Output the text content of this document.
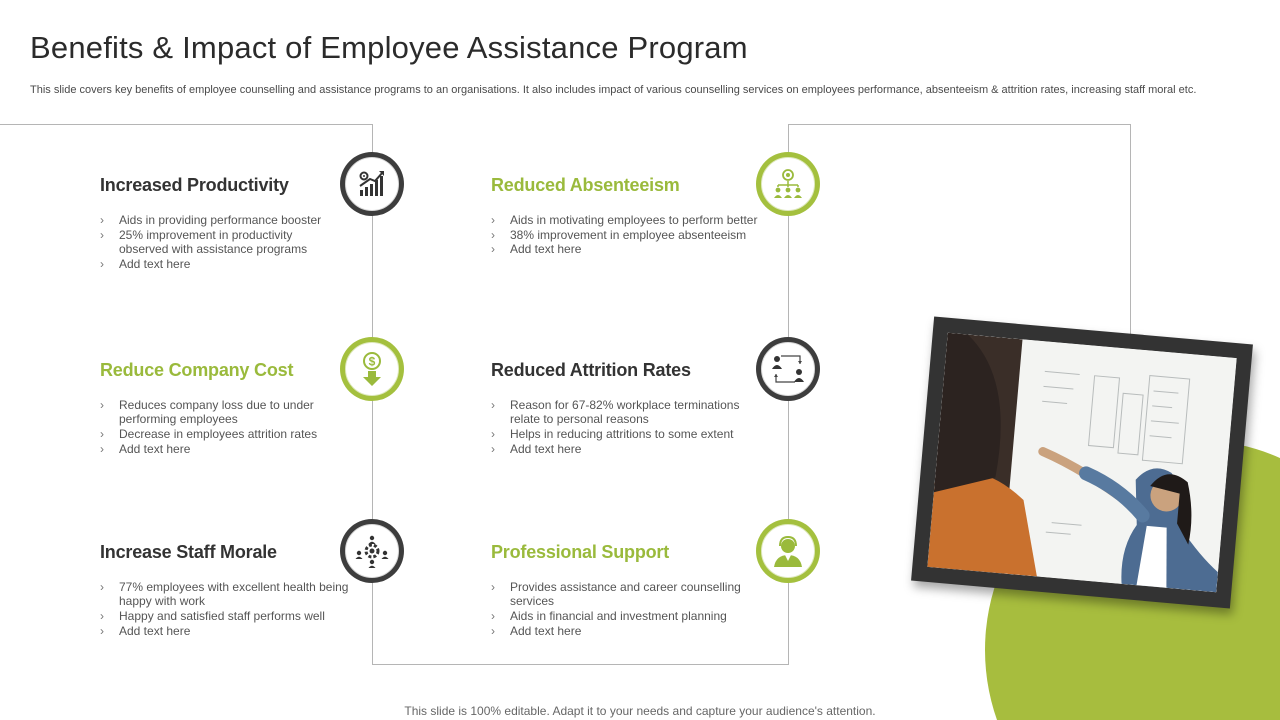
Benefits & Impact of Employee Assistance Program
This slide covers key benefits of employee counselling and assistance programs to an organisations. It also includes impact of various counselling services on employees performance, absenteeism & attrition rates, increasing staff moral etc.
Increased Productivity
› Aids in providing performance booster
› 25% improvement in productivity observed with assistance programs
› Add text here
Reduced Absenteeism
› Aids in motivating employees to perform better
› 38% improvement in employee absenteeism
› Add text here
Reduce Company Cost
› Reduces company loss due to under performing employees
› Decrease in employees attrition rates
› Add text here
Reduced Attrition Rates
› Reason for 67-82% workplace terminations relate to personal reasons
› Helps in reducing attritions to some extent
› Add text here
Increase Staff Morale
› 77% employees with excellent health being happy with work
› Happy and satisfied staff performs well
› Add text here
Professional Support
› Provides assistance and career counselling services
› Aids in financial and investment planning
› Add text here
$
This slide is 100% editable. Adapt it to your needs and capture your audience's attention.
